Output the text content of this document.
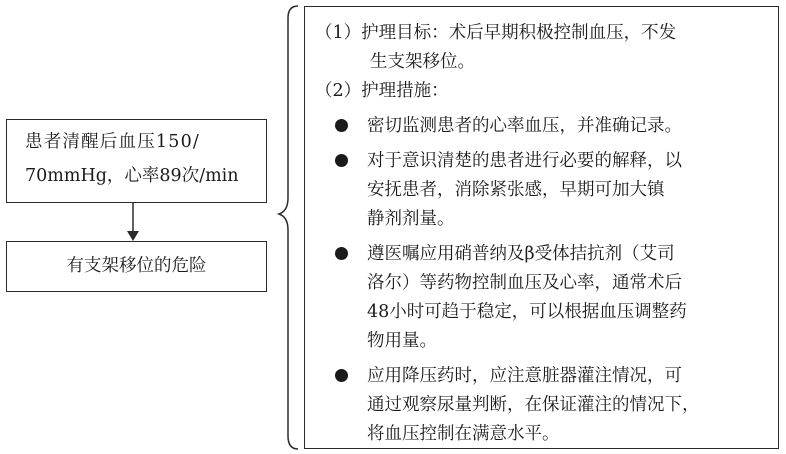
患者清醒后血压150/
70mmHg，心率89次/min
有支架移位的危险
（1）护理目标：术后早期积极控制血压，不发
生支架移位。
（2）护理措施：
密切监测患者的心率血压，并准确记录。
对于意识清楚的患者进行必要的解释，以
安抚患者，消除紧张感，早期可加大镇
静剂剂量。
遵医嘱应用硝普纳及β受体拮抗剂（艾司
洛尔）等药物控制血压及心率，通常术后
48小时可趋于稳定，可以根据血压调整药
物用量。
应用降压药时，应注意脏器灌注情况，可
通过观察尿量判断，在保证灌注的情况下，
将血压控制在满意水平。
